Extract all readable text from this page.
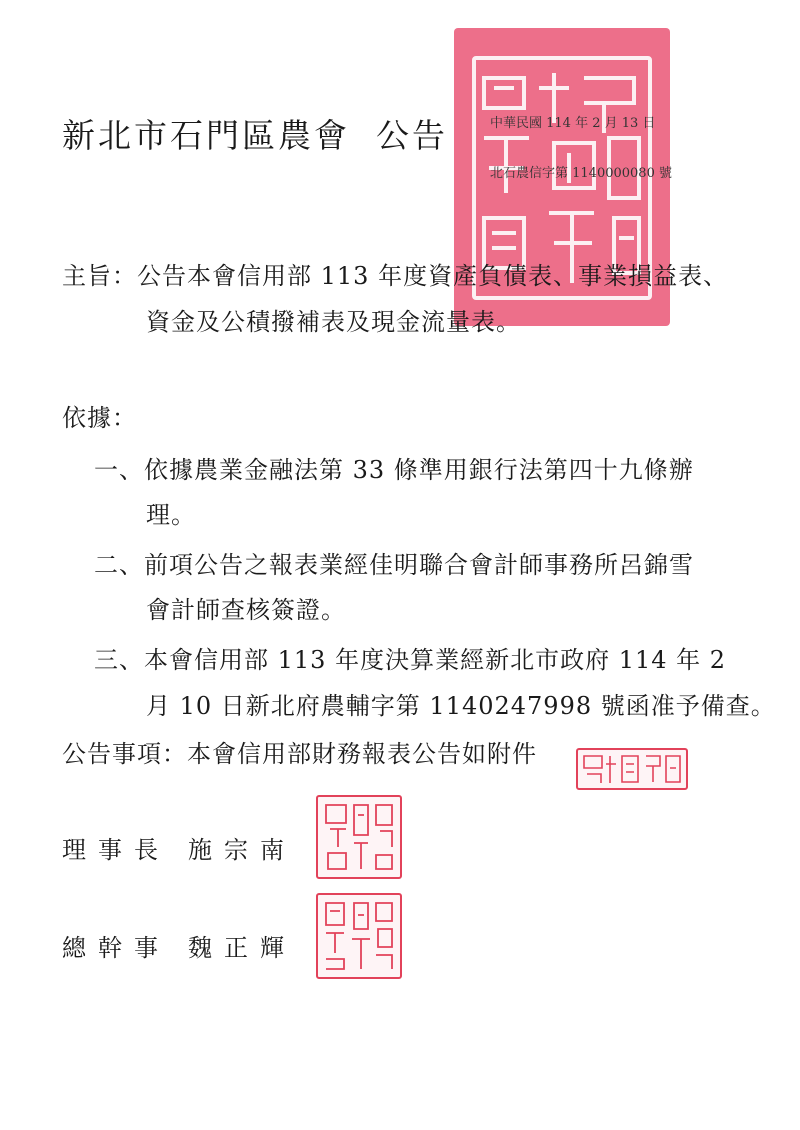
新北市石門區農會 公告	中華民國 114 年 2 月 13 日
北石農信字第 1140000080 號
主旨：公告本會信用部 113 年度資產負債表、事業損益表、
資金及公積撥補表及現金流量表。
依據：
一、依據農業金融法第 33 條準用銀行法第四十九條辦
理。
二、前項公告之報表業經佳明聯合會計師事務所呂錦雪
會計師查核簽證。
三、本會信用部 113 年度決算業經新北市政府 114 年 2
月 10 日新北府農輔字第 1140247998 號函准予備查。
公告事項：本會信用部財務報表公告如附件
理事長 施宗南
總幹事 魏正輝
